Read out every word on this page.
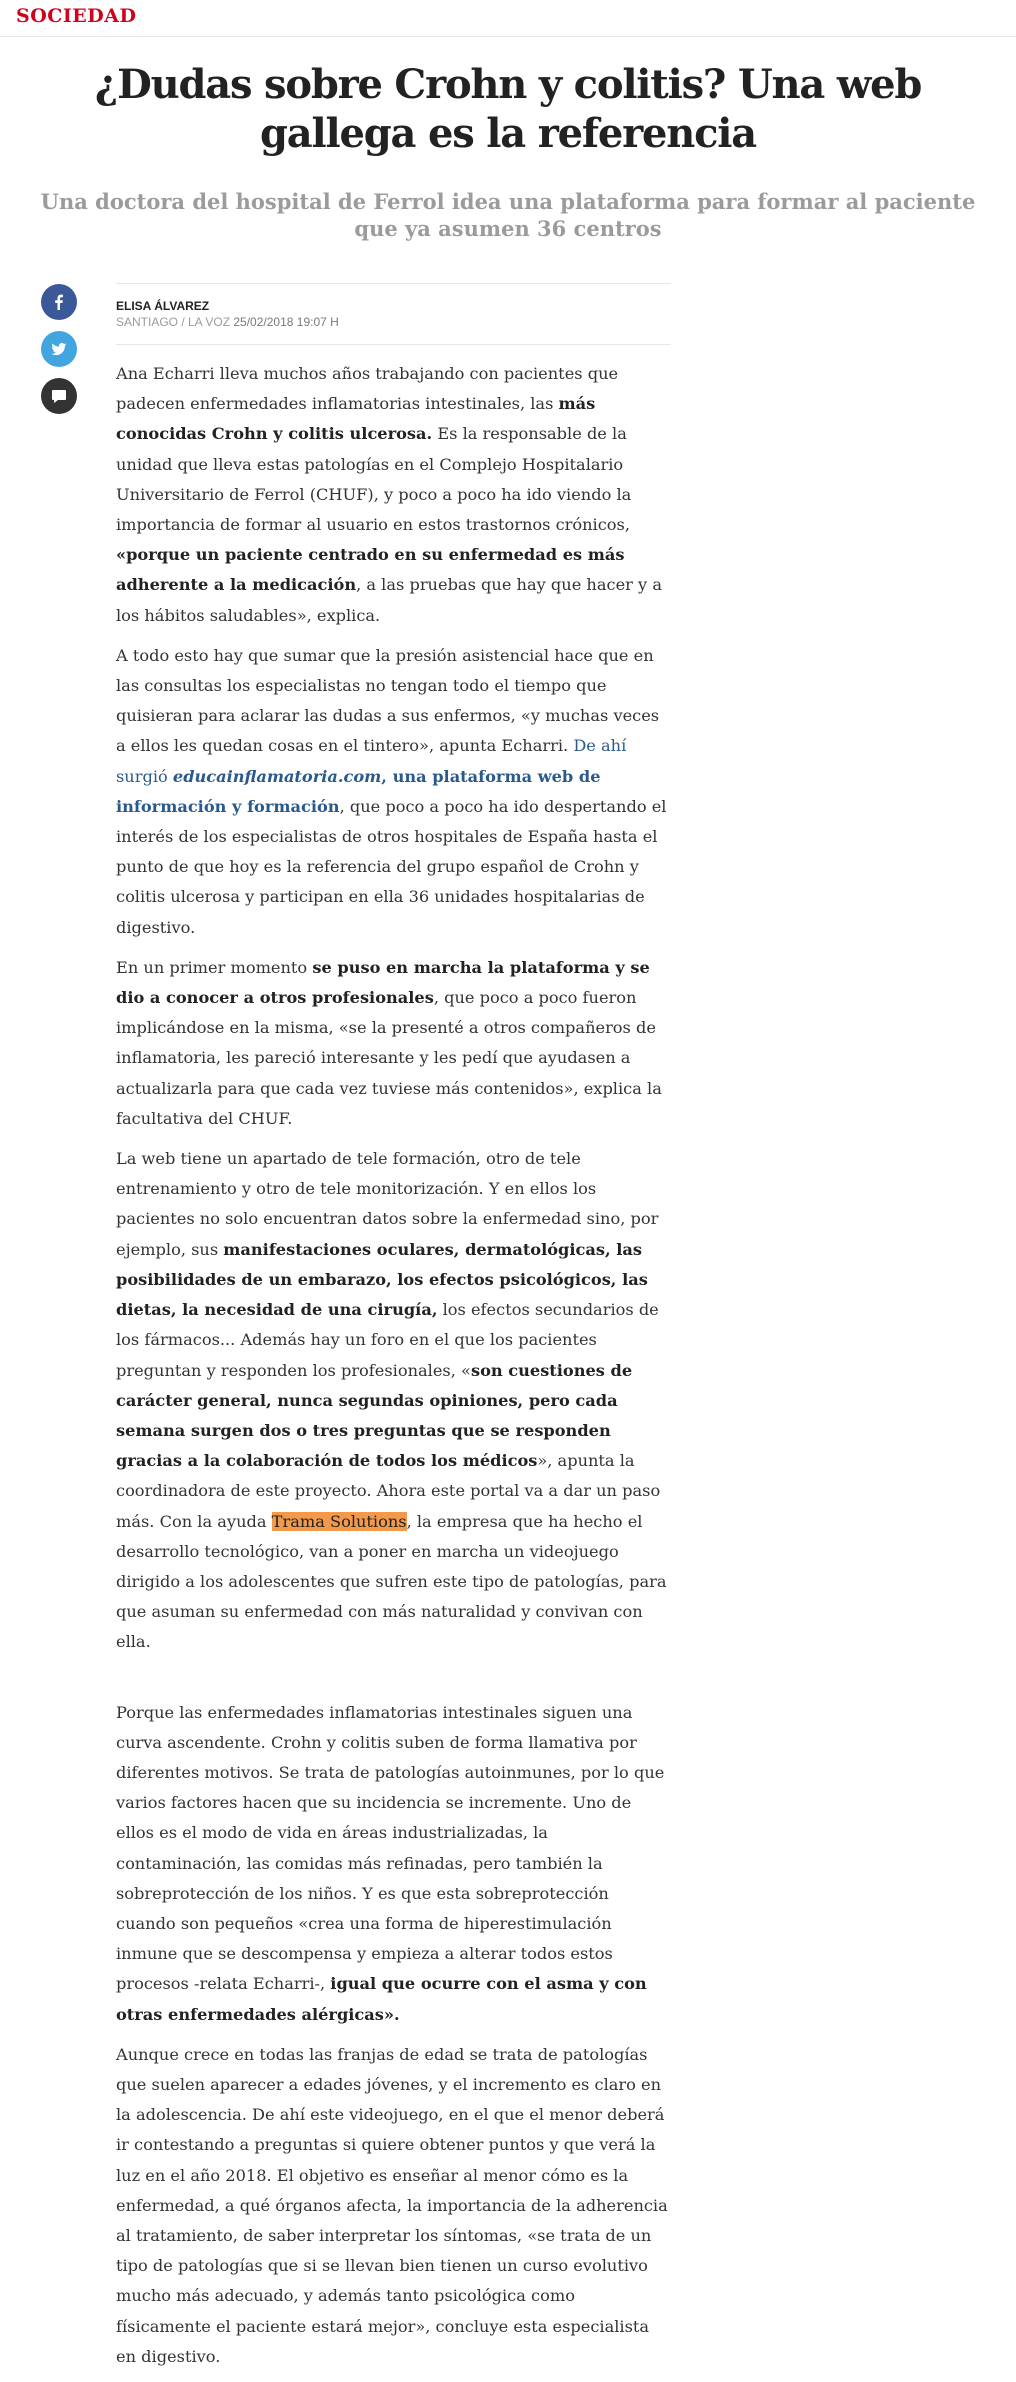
SOCIEDAD
¿Dudas sobre Crohn y colitis? Una web gallega es la referencia
Una doctora del hospital de Ferrol idea una plataforma para formar al paciente que ya asumen 36 centros
ELISA ÁLVAREZ
SANTIAGO / LA VOZ 25/02/2018 19:07 H

Ana Echarri lleva muchos años trabajando con pacientes que padecen enfermedades inflamatorias intestinales, las más conocidas Crohn y colitis ulcerosa. Es la responsable de la unidad que lleva estas patologías en el Complejo Hospitalario Universitario de Ferrol (CHUF), y poco a poco ha ido viendo la importancia de formar al usuario en estos trastornos crónicos, «porque un paciente centrado en su enfermedad es más adherente a la medicación, a las pruebas que hay que hacer y a los hábitos saludables», explica.

A todo esto hay que sumar que la presión asistencial hace que en las consultas los especialistas no tengan todo el tiempo que quisieran para aclarar las dudas a sus enfermos, «y muchas veces a ellos les quedan cosas en el tintero», apunta Echarri. De ahí surgió educainflamatoria.com, una plataforma web de información y formación, que poco a poco ha ido despertando el interés de los especialistas de otros hospitales de España hasta el punto de que hoy es la referencia del grupo español de Crohn y colitis ulcerosa y participan en ella 36 unidades hospitalarias de digestivo.

En un primer momento se puso en marcha la plataforma y se dio a conocer a otros profesionales, que poco a poco fueron implicándose en la misma, «se la presenté a otros compañeros de inflamatoria, les pareció interesante y les pedí que ayudasen a actualizarla para que cada vez tuviese más contenidos», explica la facultativa del CHUF.

La web tiene un apartado de tele formación, otro de tele entrenamiento y otro de tele monitorización. Y en ellos los pacientes no solo encuentran datos sobre la enfermedad sino, por ejemplo, sus manifestaciones oculares, dermatológicas, las posibilidades de un embarazo, los efectos psicológicos, las dietas, la necesidad de una cirugía, los efectos secundarios de los fármacos... Además hay un foro en el que los pacientes preguntan y responden los profesionales, «son cuestiones de carácter general, nunca segundas opiniones, pero cada semana surgen dos o tres preguntas que se responden gracias a la colaboración de todos los médicos», apunta la coordinadora de este proyecto. Ahora este portal va a dar un paso más. Con la ayuda Trama Solutions, la empresa que ha hecho el desarrollo tecnológico, van a poner en marcha un videojuego dirigido a los adolescentes que sufren este tipo de patologías, para que asuman su enfermedad con más naturalidad y convivan con ella.

Porque las enfermedades inflamatorias intestinales siguen una curva ascendente. Crohn y colitis suben de forma llamativa por diferentes motivos. Se trata de patologías autoinmunes, por lo que varios factores hacen que su incidencia se incremente. Uno de ellos es el modo de vida en áreas industrializadas, la contaminación, las comidas más refinadas, pero también la sobreprotección de los niños. Y es que esta sobreprotección cuando son pequeños «crea una forma de hiperestimulación inmune que se descompensa y empieza a alterar todos estos procesos -relata Echarri-, igual que ocurre con el asma y con otras enfermedades alérgicas».

Aunque crece en todas las franjas de edad se trata de patologías que suelen aparecer a edades jóvenes, y el incremento es claro en la adolescencia. De ahí este videojuego, en el que el menor deberá ir contestando a preguntas si quiere obtener puntos y que verá la luz en el año 2018. El objetivo es enseñar al menor cómo es la enfermedad, a qué órganos afecta, la importancia de la adherencia al tratamiento, de saber interpretar los síntomas, «se trata de un tipo de patologías que si se llevan bien tienen un curso evolutivo mucho más adecuado, y además tanto psicológica como físicamente el paciente estará mejor», concluye esta especialista en digestivo.
